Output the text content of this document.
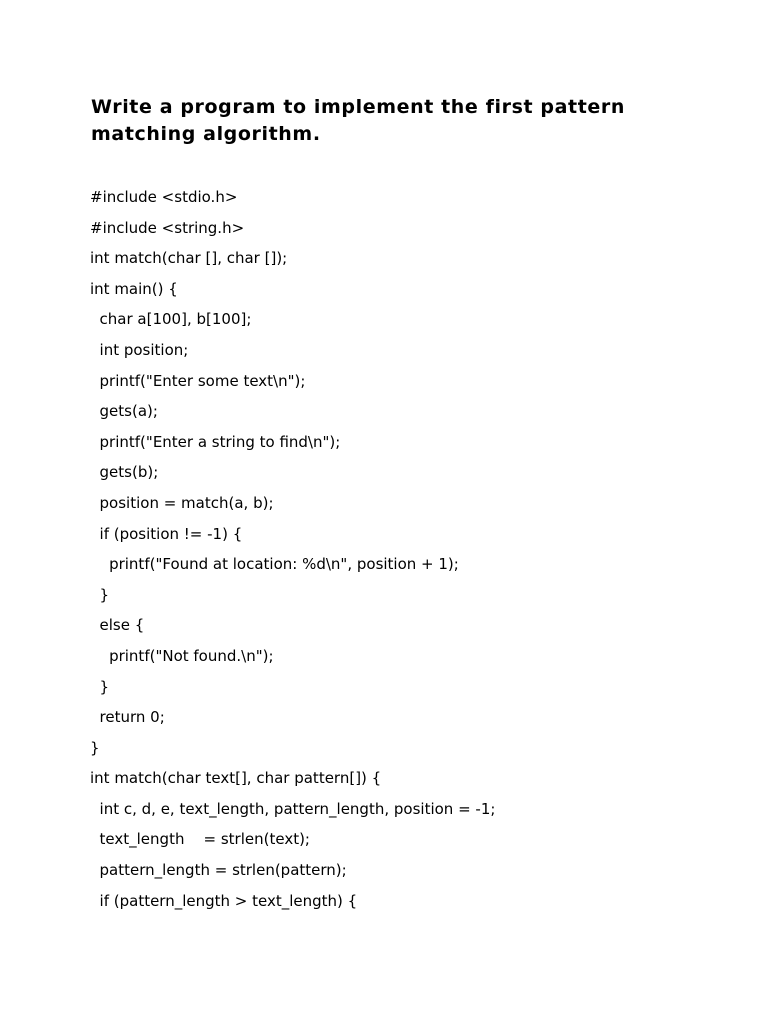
Write a program to implement the first pattern
matching algorithm.
#include <stdio.h>
#include <string.h>
int match(char [], char []);
int main() {
char a[100], b[100];
int position;
printf("Enter some text\n");
gets(a);
printf("Enter a string to find\n");
gets(b);
position = match(a, b);
if (position != -1) {
printf("Found at location: %d\n", position + 1);
}
else {
printf("Not found.\n");
}
return 0;
}
int match(char text[], char pattern[]) {
int c, d, e, text_length, pattern_length, position = -1;
text_length    = strlen(text);
pattern_length = strlen(pattern);
if (pattern_length > text_length) {
